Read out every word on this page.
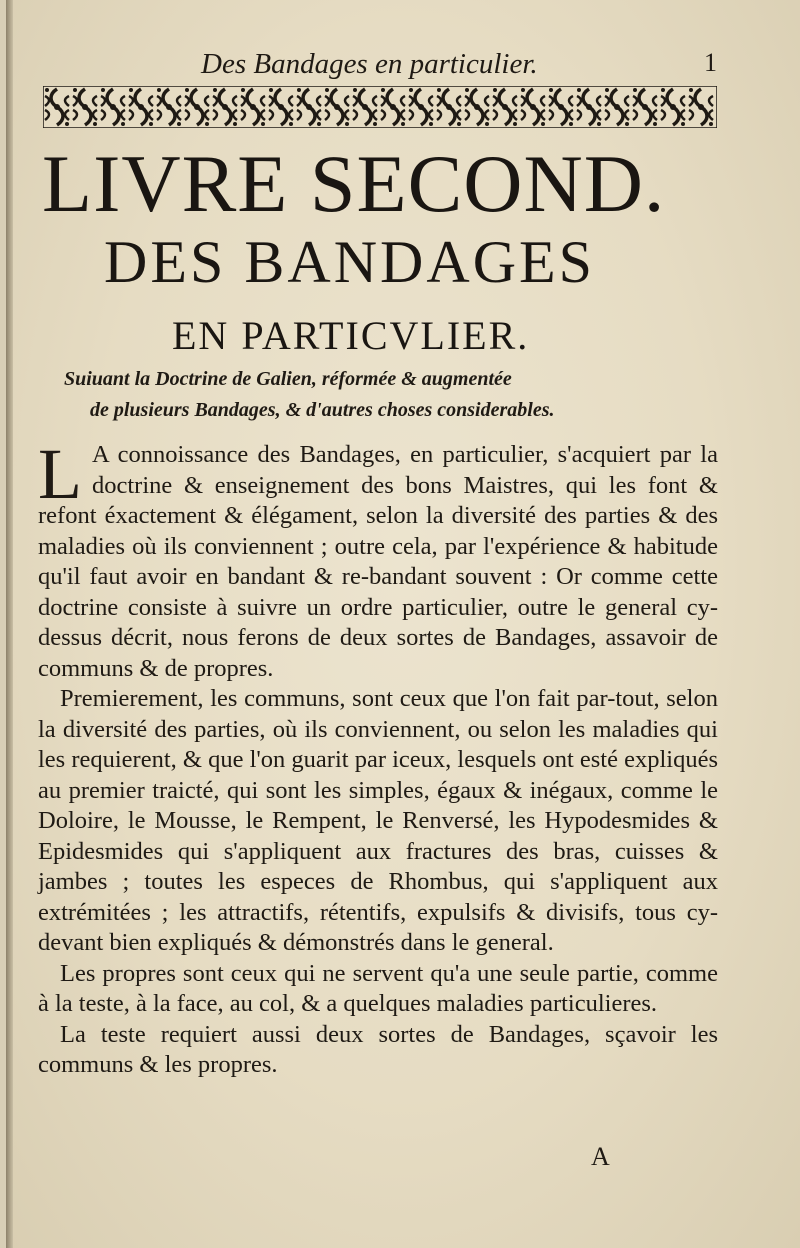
Des Bandages en particulier.	1
LIVRE SECOND.
DES BANDAGES
EN PARTICVLIER.
Suiuant la Doctrine de Galien, réformée & augmentée
de plusieurs Bandages, & d'autres choses considerables.

L A connoissance des Bandages, en particulier, s'acquiert par la doctrine & enseignement des bons Maistres, qui les font & refont éxactement & élégament, selon la diversité des parties & des maladies où ils conviennent ; outre cela, par l'expérience & habitude qu'il faut avoir en bandant & re-bandant souvent : Or comme cette doctrine consiste à suivre un ordre particulier, outre le general cy-dessus décrit, nous ferons de deux sortes de Bandages, assavoir de communs & de propres.

Premierement, les communs, sont ceux que l'on fait par-tout, selon la diversité des parties, où ils conviennent, ou selon les maladies qui les requierent, & que l'on guarit par iceux, lesquels ont esté expliqués au premier traicté, qui sont les simples, égaux & inégaux, comme le Doloire, le Mousse, le Rempent, le Renversé, les Hypodesmides & Epidesmides qui s'appliquent aux fractures des bras, cuisses & jambes ; toutes les especes de Rhombus, qui s'appliquent aux extrémitées ; les attractifs, rétentifs, expulsifs & divisifs, tous cy-devant bien expliqués & démonstrés dans le general.

Les propres sont ceux qui ne servent qu'a une seule partie, comme à la teste, à la face, au col, & a quelques maladies particulieres.

La teste requiert aussi deux sortes de Bandages, sçavoir les communs & les propres.

A
